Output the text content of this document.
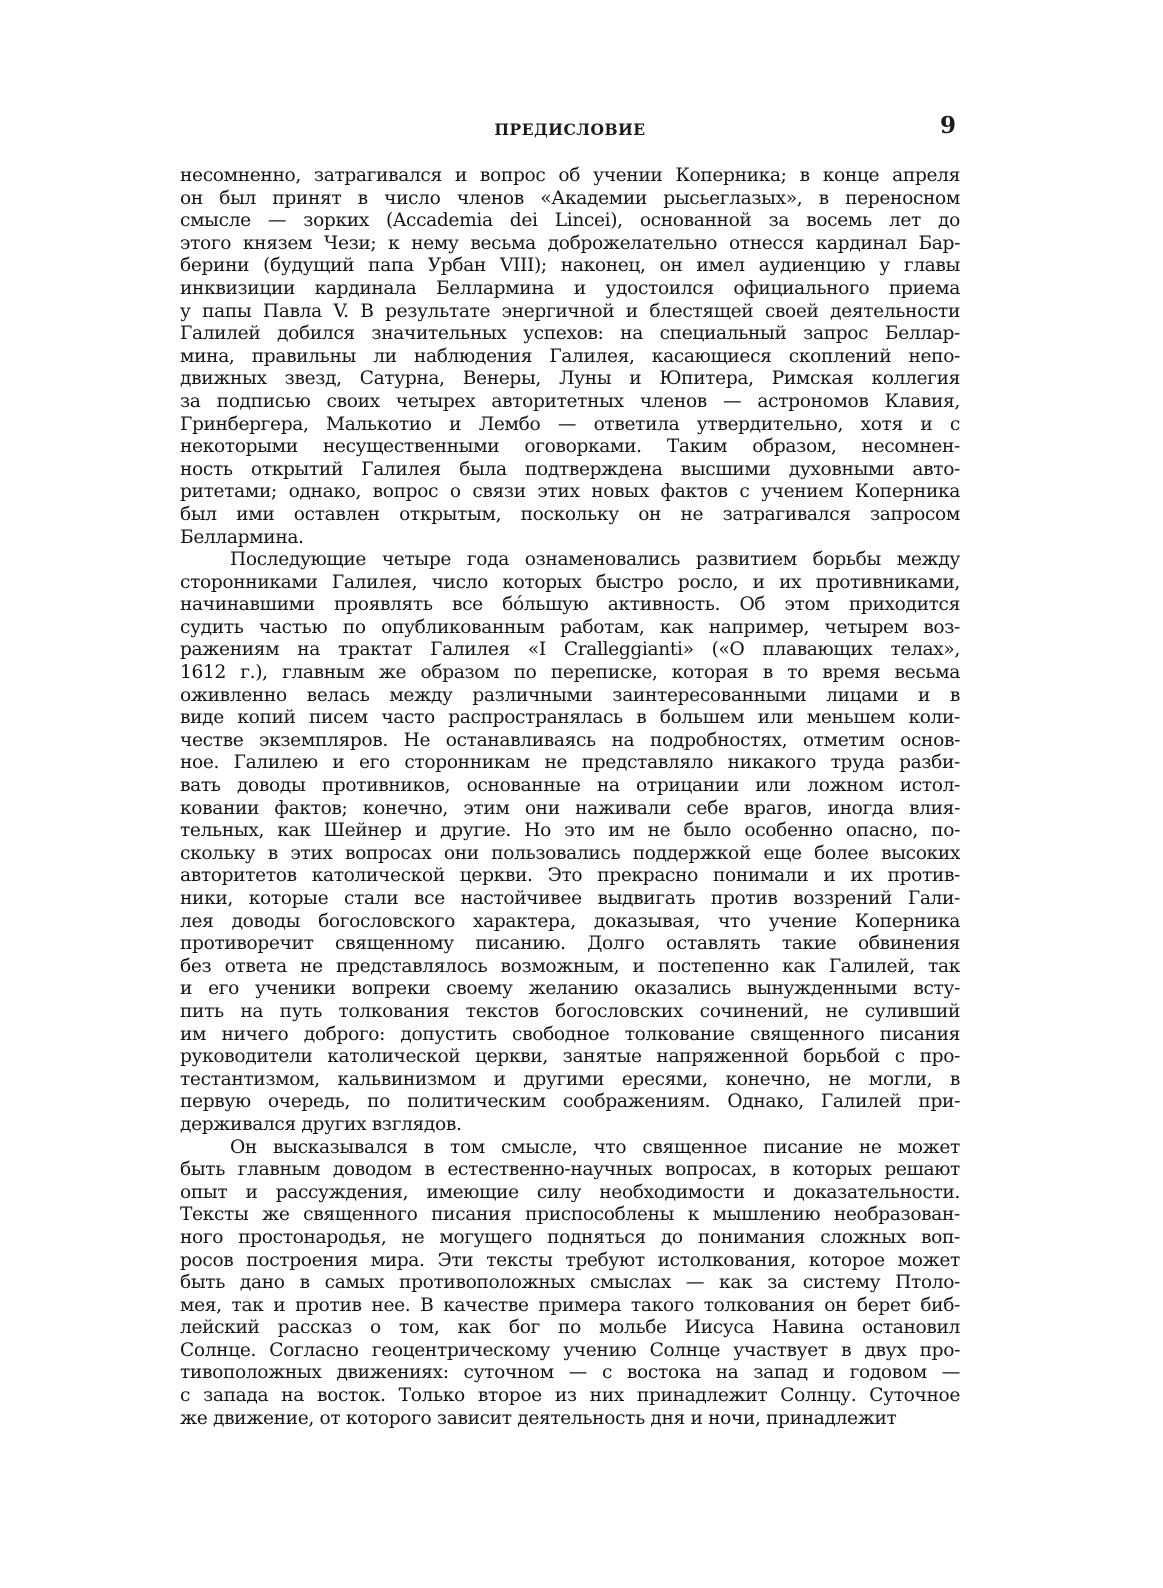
ПРЕДИСЛОВИЕ	9
несомненно, затрагивался и вопрос об учении Коперника; в конце апреля
он был принят в число членов «Академии рысьеглазых», в переносном
смысле — зорких (Accademia dei Lincei), основанной за восемь лет до
этого князем Чези; к нему весьма доброжелательно отнесся кардинал Бар-
берини (будущий папа Урбан VIII); наконец, он имел аудиенцию у главы
инквизиции кардинала Беллармина и удостоился официального приема
у папы Павла V. В результате энергичной и блестящей своей деятельности
Галилей добился значительных успехов: на специальный запрос Беллар-
мина, правильны ли наблюдения Галилея, касающиеся скоплений непо-
движных звезд, Сатурна, Венеры, Луны и Юпитера, Римская коллегия
за подписью своих четырех авторитетных членов — астрономов Клавия,
Гринбергера, Малькотио и Лембо — ответила утвердительно, хотя и с
некоторыми несущественными оговорками. Таким образом, несомнен-
ность открытий Галилея была подтверждена высшими духовными авто-
ритетами; однако, вопрос о связи этих новых фактов с учением Коперника
был ими оставлен открытым, поскольку он не затрагивался запросом
Беллармина.
Последующие четыре года ознаменовались развитием борьбы между
сторонниками Галилея, число которых быстро росло, и их противниками,
начинавшими проявлять все бо́льшую активность. Об этом приходится
судить частью по опубликованным работам, как например, четырем воз-
ражениям на трактат Галилея «I Cralleggianti» («О плавающих телах»,
1612 г.), главным же образом по переписке, которая в то время весьма
оживленно велась между различными заинтересованными лицами и в
виде копий писем часто распространялась в большем или меньшем коли-
честве экземпляров. Не останавливаясь на подробностях, отметим основ-
ное. Галилею и его сторонникам не представляло никакого труда разби-
вать доводы противников, основанные на отрицании или ложном истол-
ковании фактов; конечно, этим они наживали себе врагов, иногда влия-
тельных, как Шейнер и другие. Но это им не было особенно опасно, по-
скольку в этих вопросах они пользовались поддержкой еще более высоких
авторитетов католической церкви. Это прекрасно понимали и их против-
ники, которые стали все настойчивее выдвигать против воззрений Гали-
лея доводы богословского характера, доказывая, что учение Коперника
противоречит священному писанию. Долго оставлять такие обвинения
без ответа не представлялось возможным, и постепенно как Галилей, так
и его ученики вопреки своему желанию оказались вынужденными всту-
пить на путь толкования текстов богословских сочинений, не суливший
им ничего доброго: допустить свободное толкование священного писания
руководители католической церкви, занятые напряженной борьбой с про-
тестантизмом, кальвинизмом и другими ересями, конечно, не могли, в
первую очередь, по политическим соображениям. Однако, Галилей при-
держивался других взглядов.
Он высказывался в том смысле, что священное писание не может
быть главным доводом в естественно-научных вопросах, в которых решают
опыт и рассуждения, имеющие силу необходимости и доказательности.
Тексты же священного писания приспособлены к мышлению необразован-
ного простонародья, не могущего подняться до понимания сложных воп-
росов построения мира. Эти тексты требуют истолкования, которое может
быть дано в самых противоположных смыслах — как за систему Птоло-
мея, так и против нее. В качестве примера такого толкования он берет биб-
лейский рассказ о том, как бог по мольбе Иисуса Навина остановил
Солнце. Согласно геоцентрическому учению Солнце участвует в двух про-
тивоположных движениях: суточном — с востока на запад и годовом —
с запада на восток. Только второе из них принадлежит Солнцу. Суточное
же движение, от которого зависит деятельность дня и ночи, принадлежит
